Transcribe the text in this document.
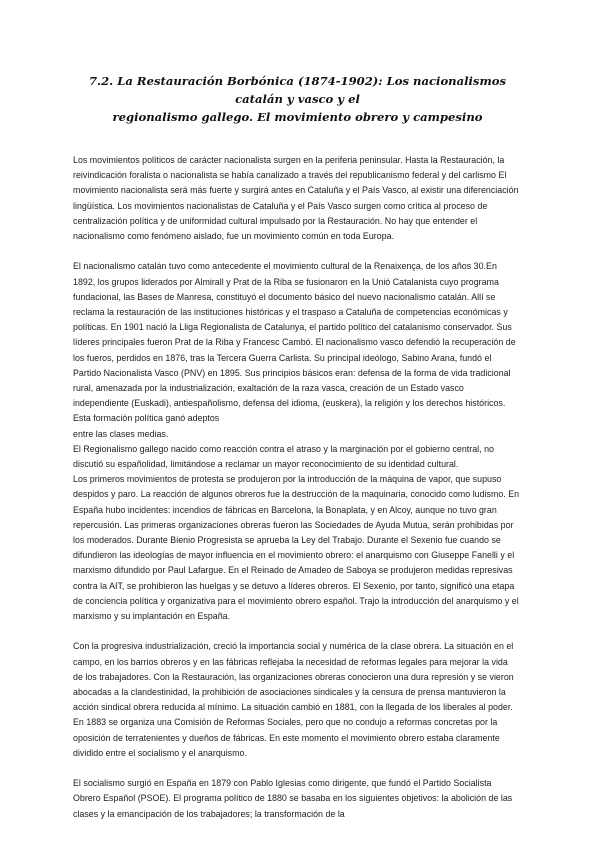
7.2. La Restauración Borbónica (1874-1902): Los nacionalismos catalán y vasco y el
regionalismo gallego. El movimiento obrero y campesino

Los movimientos políticos de carácter nacionalista surgen en la periferia peninsular. Hasta la Restauración, la reivindicación foralista o nacionalista se había canalizado a través del republicanismo federal y del carlismo El movimiento nacionalista será más fuerte y surgirá antes en Cataluña y el País Vasco, al existir una diferenciación lingüística. Los movimientos nacionalistas de Cataluña y el País Vasco surgen como crítica al proceso de centralización política y de uniformidad cultural impulsado por la Restauración. No hay que entender el nacionalismo como fenómeno aislado, fue un movimiento común en toda Europa.

El nacionalismo catalán tuvo como antecedente el movimiento cultural de la Renaixença, de los años 30.En 1892, los grupos liderados por Almirall y Prat de la Riba se fusionaron en la Unió Catalanista cuyo programa fundacional, las Bases de Manresa, constituyó el documento básico del nuevo nacionalismo catalán. Allí se reclama la restauración de las instituciones históricas y el traspaso a Cataluña de competencias económicas y políticas. En 1901 nació la Lliga Regionalista de Catalunya, el partido político del catalanismo conservador. Sus líderes principales fueron Prat de la Riba y Francesc Cambó. El nacionalismo vasco defendió la recuperación de los fueros, perdidos en 1876, tras la Tercera Guerra Carlista. Su principal ideólogo, Sabino Arana, fundó el Partido Nacionalista Vasco (PNV) en 1895. Sus principios básicos eran: defensa de la forma de vida tradicional rural, amenazada por la industrialización, exaltación de la raza vasca, creación de un Estado vasco independiente (Euskadi), antiespañolismo, defensa del idioma, (euskera), la religión y los derechos históricos. Esta formación política ganó adeptos

entre las clases medias.

El Regionalismo gallego nacido como reacción contra el atraso y la marginación por el gobierno central, no discutió su españolidad, limitándose a reclamar un mayor reconocimiento de su identidad cultural.

Los primeros movimientos de protesta se produjeron por la introducción de la máquina de vapor, que supuso despidos y paro. La reacción de algunos obreros fue la destrucción de la maquinaria, conocido como ludismo. En España hubo incidentes: incendios de fábricas en Barcelona, la Bonaplata, y en Alcoy, aunque no tuvo gran repercusión. Las primeras organizaciones obreras fueron las Sociedades de Ayuda Mutua, serán prohibidas por los moderados. Durante Bienio Progresista se aprueba la Ley del Trabajo. Durante el Sexenio fue cuando se difundieron las ideologías de mayor influencia en el movimiento obrero: el anarquismo con Giuseppe Fanelli y el marxismo difundido por Paul Lafargue. En el Reinado de Amadeo de Saboya se produjeron medidas represivas contra la AIT, se prohibieron las huelgas y se detuvo a líderes obreros. El Sexenio, por tanto, significó una etapa de conciencia política y organizativa para el movimiento obrero español. Trajo la introducción del anarquismo y el marxismo y su implantación en España.

Con la progresiva industrialización, creció la importancia social y numérica de la clase obrera. La situación en el campo, en los barrios obreros y en las fábricas reflejaba la necesidad de reformas legales para mejorar la vida de los trabajadores. Con la Restauración, las organizaciones obreras conocieron una dura represión y se vieron abocadas a la clandestinidad, la prohibición de asociaciones sindicales y la censura de prensa mantuvieron la acción sindical obrera reducida al mínimo. La situación cambió en 1881, con la llegada de los liberales al poder. En 1883 se organiza una Comisión de Reformas Sociales, pero que no condujo a reformas concretas por la oposición de terratenientes y dueños de fábricas. En este momento el movimiento obrero estaba claramente dividido entre el socialismo y el anarquismo.

El socialismo surgió en España en 1879 con Pablo Iglesias como dirigente, que fundó el Partido Socialista Obrero Español (PSOE). El programa político de 1880 se basaba en los siguientes objetivos: la abolición de las clases y la emancipación de los trabajadores; la transformación de la
